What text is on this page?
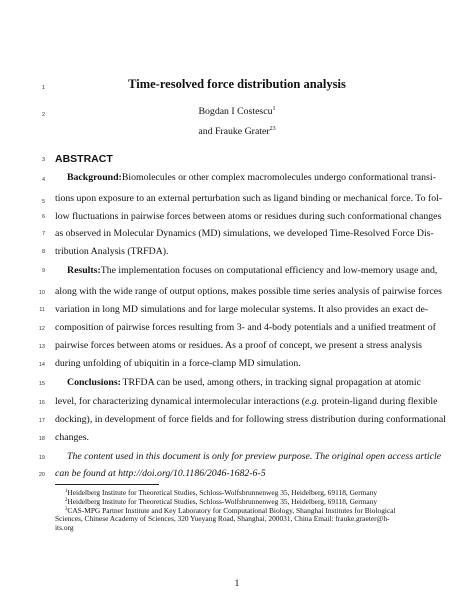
1
2
3
4
5
6
7
8
9
10
11
12
13
14
15
16
17
18
19
20
Time-resolved force distribution analysis
Bogdan I Costescu$^1$
and Frauke Grater$^{23}$
ABSTRACT
Background: Biomolecules or other complex macromolecules undergo conformational transi-
tions upon exposure to an external perturbation such as ligand binding or mechanical force. To fol-
low fluctuations in pairwise forces between atoms or residues during such conformational changes
as observed in Molecular Dynamics (MD) simulations, we developed Time-Resolved Force Dis-
tribution Analysis (TRFDA).
Results: The implementation focuses on computational efficiency and low-memory usage and,
along with the wide range of output options, makes possible time series analysis of pairwise forces
variation in long MD simulations and for large molecular systems. It also provides an exact de-
composition of pairwise forces resulting from 3- and 4-body potentials and a unified treatment of
pairwise forces between atoms or residues. As a proof of concept, we present a stress analysis
during unfolding of ubiquitin in a force-clamp MD simulation.
Conclusions: TRFDA can be used, among others, in tracking signal propagation at atomic
level, for characterizing dynamical intermolecular interactions (e.g. protein-ligand during flexible
docking), in development of force fields and for following stress distribution during conformational
changes.
The content used in this document is only for preview purpose. The original open access article
can be found at http://doi.org/10.1186/2046-1682-6-5
$^1$Heidelberg Institute for Theoretical Studies, Schloss-Wolfsbrunnenweg 35, Heidelberg, 69118, Germany
$^2$Heidelberg Institute for Theoretical Studies, Schloss-Wolfsbrunnenweg 35, Heidelberg, 69118, Germany
$^3$CAS-MPG Partner Institute and Key Laboratory for Computational Biology, Shanghai Institutes for Biological
Sciences, Chinese Academy of Sciences, 320 Yueyang Road, Shanghai, 200031, China Email: frauke.graeter@h-
its.org
1
